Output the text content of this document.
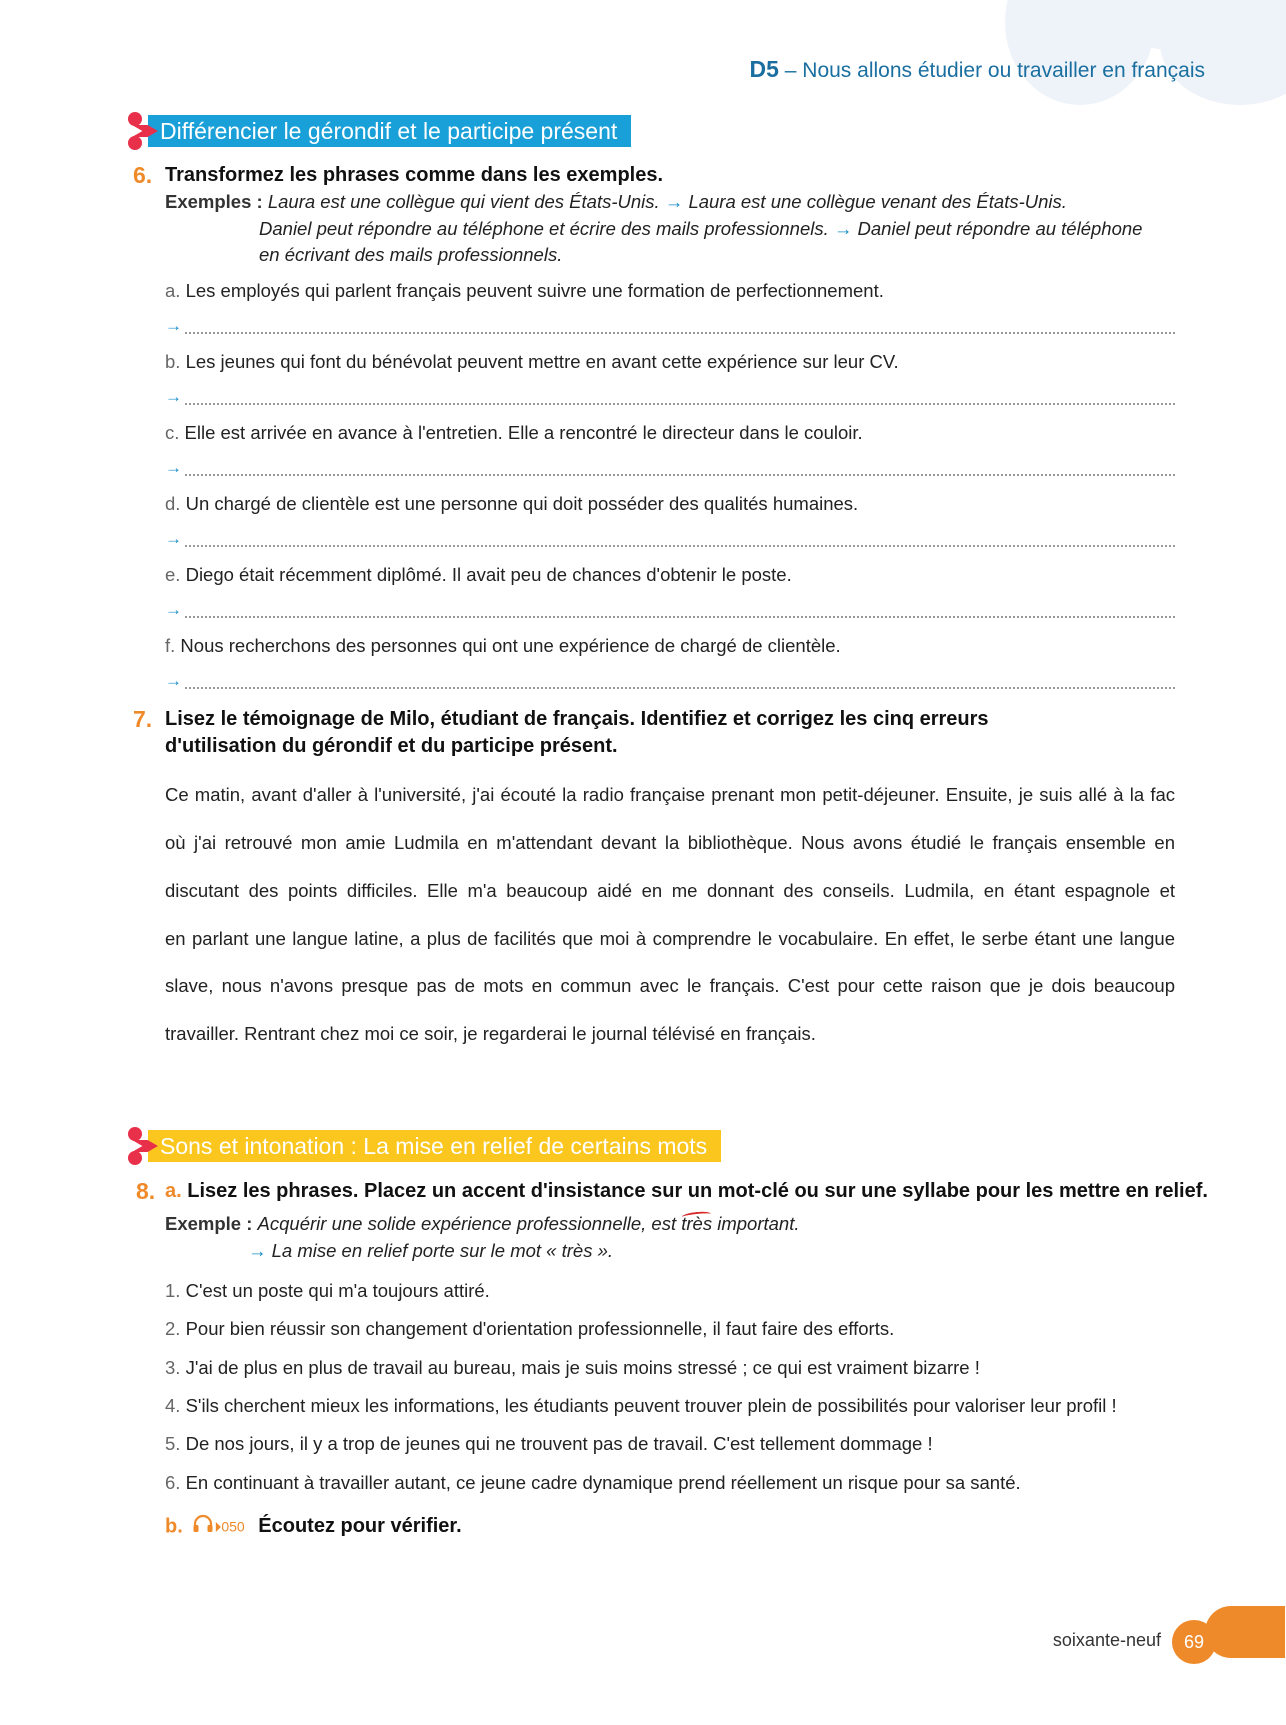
D5 – Nous allons étudier ou travailler en français
Différencier le gérondif et le participe présent
6. Transformez les phrases comme dans les exemples.
Exemples : Laura est une collègue qui vient des États-Unis. → Laura est une collègue venant des États-Unis.
Daniel peut répondre au téléphone et écrire des mails professionnels. → Daniel peut répondre au téléphone
en écrivant des mails professionnels.
a. Les employés qui parlent français peuvent suivre une formation de perfectionnement.
→
b. Les jeunes qui font du bénévolat peuvent mettre en avant cette expérience sur leur CV.
→
c. Elle est arrivée en avance à l'entretien. Elle a rencontré le directeur dans le couloir.
→
d. Un chargé de clientèle est une personne qui doit posséder des qualités humaines.
→
e. Diego était récemment diplômé. Il avait peu de chances d'obtenir le poste.
→
f. Nous recherchons des personnes qui ont une expérience de chargé de clientèle.
→
7. Lisez le témoignage de Milo, étudiant de français. Identifiez et corrigez les cinq erreurs
d'utilisation du gérondif et du participe présent.
Ce matin, avant d'aller à l'université, j'ai écouté la radio française prenant mon petit-déjeuner. Ensuite, je suis allé à la fac
où j'ai retrouvé mon amie Ludmila en m'attendant devant la bibliothèque. Nous avons étudié le français ensemble en
discutant des points difficiles. Elle m'a beaucoup aidé en me donnant des conseils. Ludmila, en étant espagnole et
en parlant une langue latine, a plus de facilités que moi à comprendre le vocabulaire. En effet, le serbe étant une langue
slave, nous n'avons presque pas de mots en commun avec le français. C'est pour cette raison que je dois beaucoup
travailler. Rentrant chez moi ce soir, je regarderai le journal télévisé en français.
Sons et intonation : La mise en relief de certains mots
8. a. Lisez les phrases. Placez un accent d'insistance sur un mot-clé ou sur une syllabe pour les mettre en relief.
Exemple : Acquérir une solide expérience professionnelle, est très important.
→ La mise en relief porte sur le mot « très ».
1. C'est un poste qui m'a toujours attiré.
2. Pour bien réussir son changement d'orientation professionnelle, il faut faire des efforts.
3. J'ai de plus en plus de travail au bureau, mais je suis moins stressé ; ce qui est vraiment bizarre !
4. S'ils cherchent mieux les informations, les étudiants peuvent trouver plein de possibilités pour valoriser leur profil !
5. De nos jours, il y a trop de jeunes qui ne trouvent pas de travail. C'est tellement dommage !
6. En continuant à travailler autant, ce jeune cadre dynamique prend réellement un risque pour sa santé.
b. ⏵050 Écoutez pour vérifier.
soixante-neuf	69
